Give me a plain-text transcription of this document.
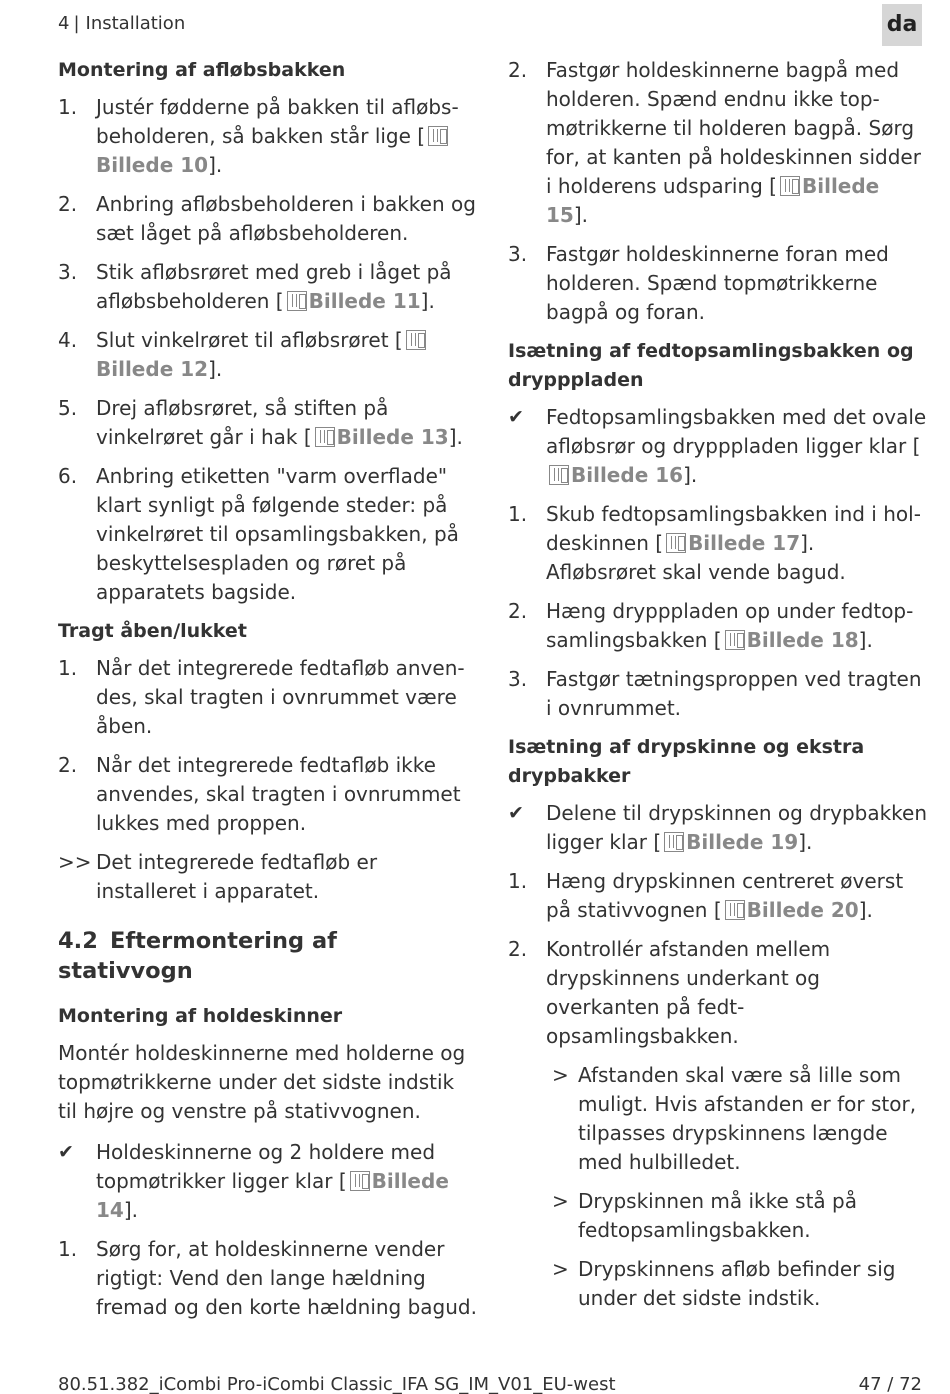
4 | Installation	da
Montering af afløbsbakken
1. Justér fødderne på bakken til afløbsbeholderen, så bakken står lige [Billede 10].
2. Anbring afløbsbeholderen i bakken og sæt låget på afløbsbeholderen.
3. Stik afløbsrøret med greb i låget på afløbsbeholderen [ Billede 11].
4. Slut vinkelrøret til afløbsrøret [Billede 12].
5. Drej afløbsrøret, så stiften på vinkelrøret går i hak [ Billede 13].
6. Anbring etiketten "varm overflade" klart synligt på følgende steder: på vinkelrøret til opsamlingsbakken, på beskyttelsespladen og røret på apparatets bagside.
Tragt åben/lukket
1. Når det integrerede fedtafløb anvendes, skal tragten i ovnrummet være åben.
2. Når det integrerede fedtafløb ikke anvendes, skal tragten i ovnrummet lukkes med proppen.
>> Det integrerede fedtafløb er installeret i apparatet.
4.2 Eftermontering af stativvogn
Montering af holdeskinner
Montér holdeskinnerne med holderne og topmøtrikkerne under det sidste indstik til højre og venstre på stativvognen.
✔ Holdeskinnerne og 2 holdere med topmøtrikker ligger klar [ Billede 14].
1. Sørg for, at holdeskinnerne vender rigtigt: Vend den lange hældning fremad og den korte hældning bagud.
2. Fastgør holdeskinnerne bagpå med holderen. Spænd endnu ikke topmøtrikkerne til holderen bagpå. Sørg for, at kanten på holdeskinnen sidder i holderens udsparing [ Billede 15].
3. Fastgør holdeskinnerne foran med holderen. Spænd topmøtrikkerne bagpå og foran.
Isætning af fedtopsamlingsbakken og drypppladen
✔ Fedtopsamlingsbakken med det ovale afløbsrør og drypppladen ligger klar [Billede 16].
1. Skub fedtopsamlingsbakken ind i holdeskinnen [ Billede 17]. Afløbsrøret skal vende bagud.
2. Hæng drypppladen op under fedtopsamlingsbakken [ Billede 18].
3. Fastgør tætningsproppen ved tragten i ovnrummet.
Isætning af drypskinne og ekstra drypbakker
✔ Delene til drypskinnen og drypbakken ligger klar [ Billede 19].
1. Hæng drypskinnen centreret øverst på stativvognen [ Billede 20].
2. Kontrollér afstanden mellem drypskinnens underkant og overkanten på fedtopsamlingsbakken.
> Afstanden skal være så lille som muligt. Hvis afstanden er for stor, tilpasses drypskinnens længde med hulbilledet.
> Drypskinnen må ikke stå på fedtopsamlingsbakken.
> Drypskinnens afløb befinder sig under det sidste indstik.
80.51.382_iCombi Pro-iCombi Classic_IFA SG_IM_V01_EU-west	47 / 72
